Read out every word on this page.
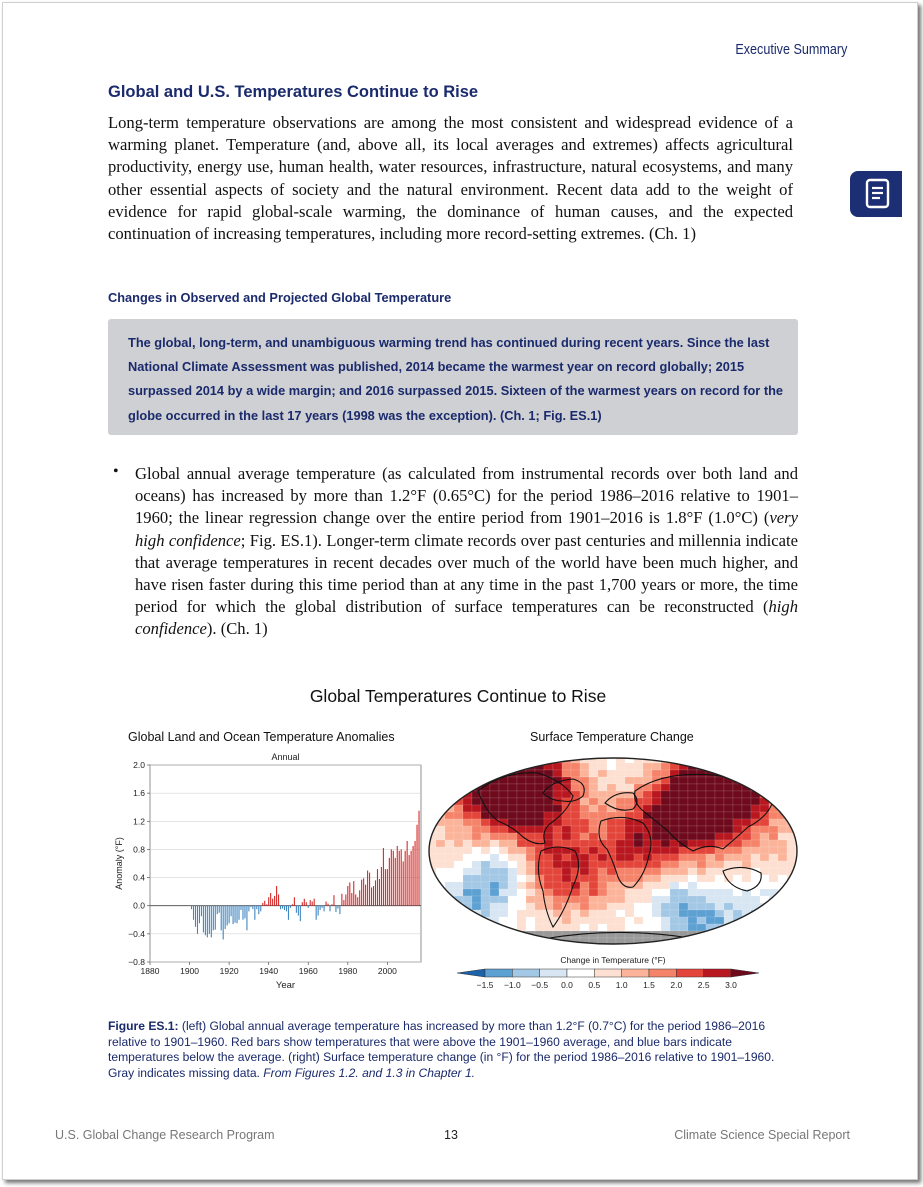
Executive Summary
Global and U.S. Temperatures Continue to Rise

Long-term temperature observations are among the most consistent and widespread evidence of a warming planet. Temperature (and, above all, its local averages and extremes) affects agricultural productivity, energy use, human health, water resources, infrastructure, natural ecosystems, and many other essential aspects of society and the natural environment. Recent data add to the weight of evidence for rapid global-scale warming, the dominance of human causes, and the expected continuation of increasing temperatures, including more record-setting extremes. (Ch. 1)

Changes in Observed and Projected Global Temperature

The global, long-term, and unambiguous warming trend has continued during recent years. Since the last National Climate Assessment was published, 2014 became the warmest year on record globally; 2015 surpassed 2014 by a wide margin; and 2016 surpassed 2015. Sixteen of the warmest years on record for the globe occurred in the last 17 years (1998 was the exception). (Ch. 1; Fig. ES.1)

• Global annual average temperature (as calculated from instrumental records over both land and oceans) has increased by more than 1.2°F (0.65°C) for the period 1986–2016 relative to 1901–1960; the linear regression change over the entire period from 1901–2016 is 1.8°F (1.0°C) (very high confidence; Fig. ES.1). Longer-term climate records over past centuries and millennia indicate that average temperatures in recent decades over much of the world have been much higher, and have risen faster during this time period than at any time in the past 1,700 years or more, the time period for which the global distribution of surface temperatures can be reconstructed (high confidence). (Ch. 1)

Global Temperatures Continue to Rise
Global Land and Ocean Temperature Anomalies	Surface Temperature Change
2.0
1.6
1.2
0.8
0.4
0.0
−0.4
−0.8
1880 1900 1920 1940 1960 1980 2000
Annual
Year
Anomaly (°F)
Change in Temperature (°F)
−1.5 −1.0 −0.5 0.0 0.5 1.0 1.5 2.0 2.5 3.0

Figure ES.1: (left) Global annual average temperature has increased by more than 1.2°F (0.7°C) for the period 1986–2016 relative to 1901–1960. Red bars show temperatures that were above the 1901–1960 average, and blue bars indicate temperatures below the average. (right) Surface temperature change (in °F) for the period 1986–2016 relative to 1901–1960. Gray indicates missing data. From Figures 1.2. and 1.3 in Chapter 1.

U.S. Global Change Research Program	13	Climate Science Special Report
